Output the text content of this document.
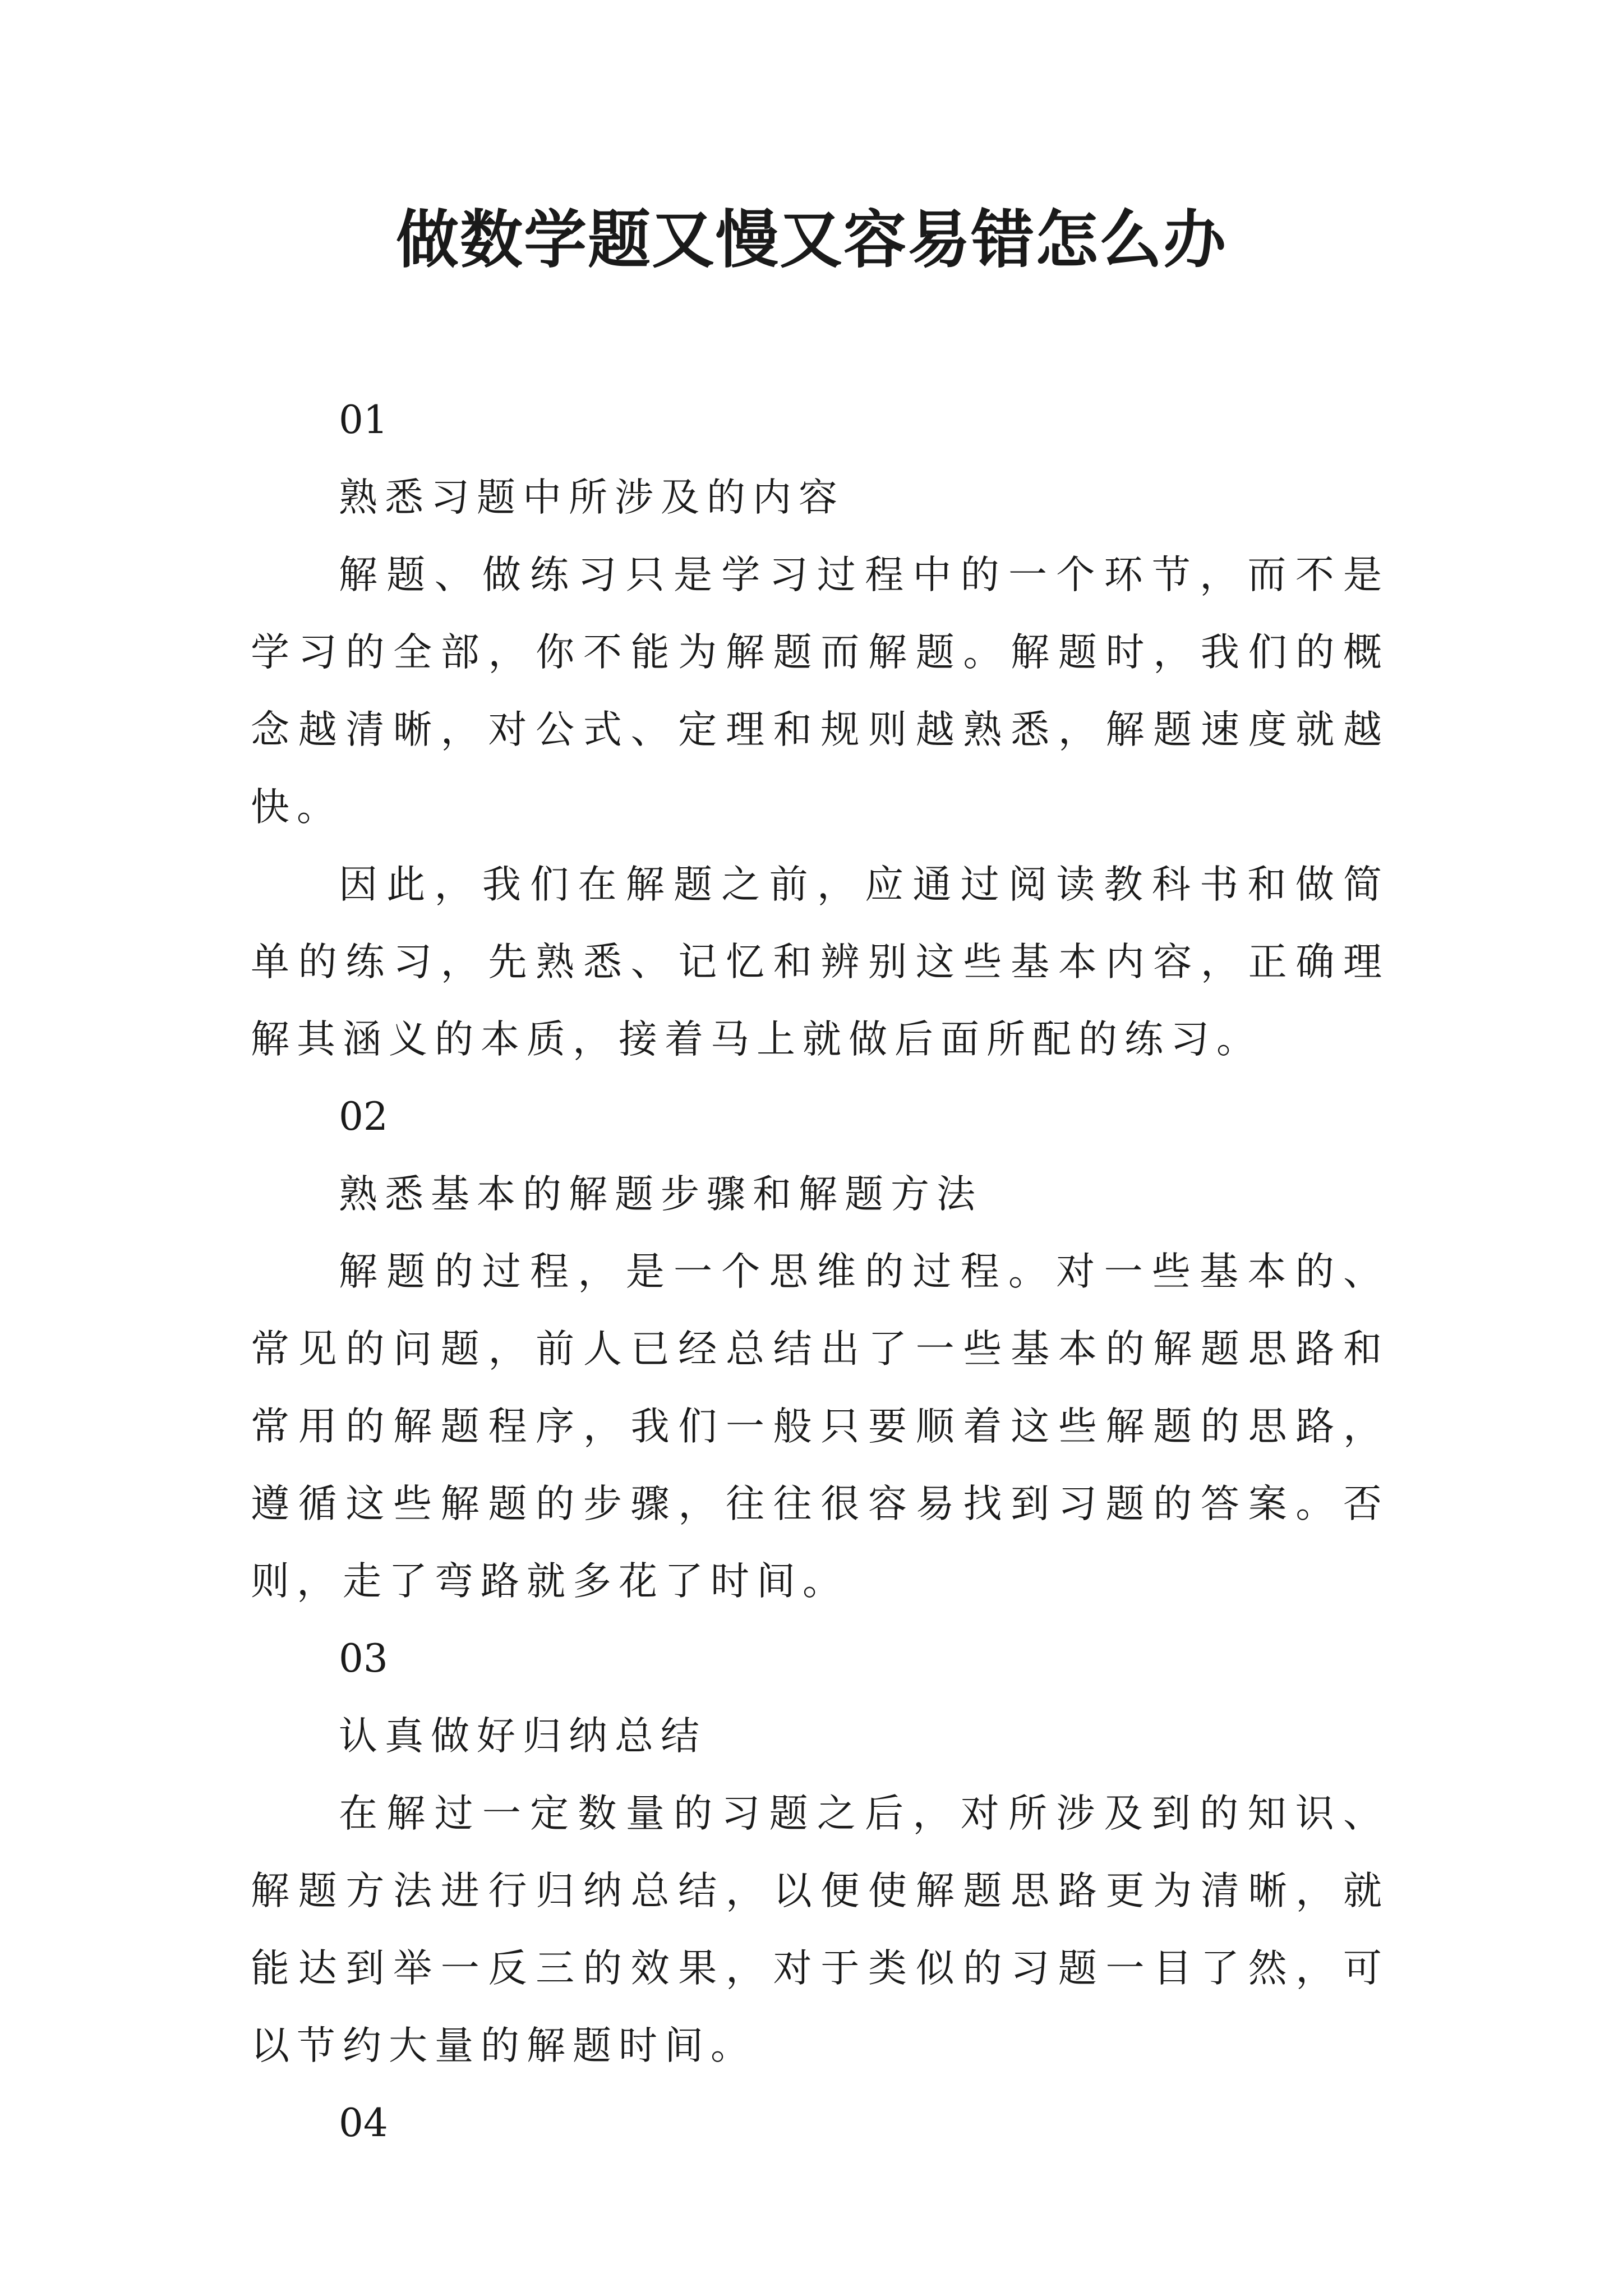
做数学题又慢又容易错怎么办

01

熟悉习题中所涉及的内容

解题、做练习只是学习过程中的一个环节，而不是学习的全部，你不能为解题而解题。解题时，我们的概念越清晰，对公式、定理和规则越熟悉，解题速度就越快。

因此，我们在解题之前，应通过阅读教科书和做简单的练习，先熟悉、记忆和辨别这些基本内容，正确理解其涵义的本质，接着马上就做后面所配的练习。

02

熟悉基本的解题步骤和解题方法

解题的过程，是一个思维的过程。对一些基本的、常见的问题，前人已经总结出了一些基本的解题思路和常用的解题程序，我们一般只要顺着这些解题的思路，遵循这些解题的步骤，往往很容易找到习题的答案。否则，走了弯路就多花了时间。

03

认真做好归纳总结

在解过一定数量的习题之后，对所涉及到的知识、解题方法进行归纳总结，以便使解题思路更为清晰，就能达到举一反三的效果，对于类似的习题一目了然，可以节约大量的解题时间。

04
